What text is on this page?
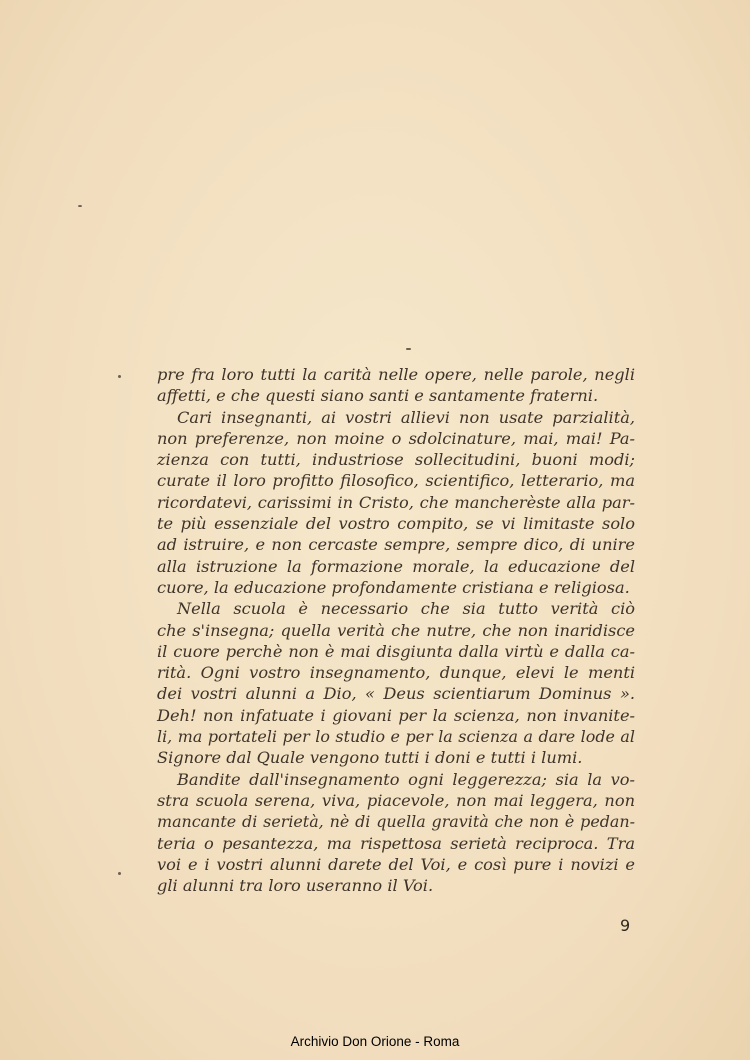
pre fra loro tutti la carità nelle opere, nelle parole, negli
affetti, e che questi siano santi e santamente fraterni.
Cari insegnanti, ai vostri allievi non usate parzialità,
non preferenze, non moine o sdolcinature, mai, mai! Pa-
zienza con tutti, industriose sollecitudini, buoni modi;
curate il loro profitto filosofico, scientifico, letterario, ma
ricordatevi, carissimi in Cristo, che mancherèste alla par-
te più essenziale del vostro compito, se vi limitaste solo
ad istruire, e non cercaste sempre, sempre dico, di unire
alla istruzione la formazione morale, la educazione del
cuore, la educazione profondamente cristiana e religiosa.
Nella scuola è necessario che sia tutto verità ciò
che s'insegna; quella verità che nutre, che non inaridisce
il cuore perchè non è mai disgiunta dalla virtù e dalla ca-
rità. Ogni vostro insegnamento, dunque, elevi le menti
dei vostri alunni a Dio, « Deus scientiarum Dominus ».
Deh! non infatuate i giovani per la scienza, non invanite-
li, ma portateli per lo studio e per la scienza a dare lode al
Signore dal Quale vengono tutti i doni e tutti i lumi.
Bandite dall'insegnamento ogni leggerezza; sia la vo-
stra scuola serena, viva, piacevole, non mai leggera, non
mancante di serietà, nè di quella gravità che non è pedan-
teria o pesantezza, ma rispettosa serietà reciproca. Tra
voi e i vostri alunni darete del Voi, e così pure i novizi e
gli alunni tra loro useranno il Voi.
9
Archivio Don Orione - Roma
